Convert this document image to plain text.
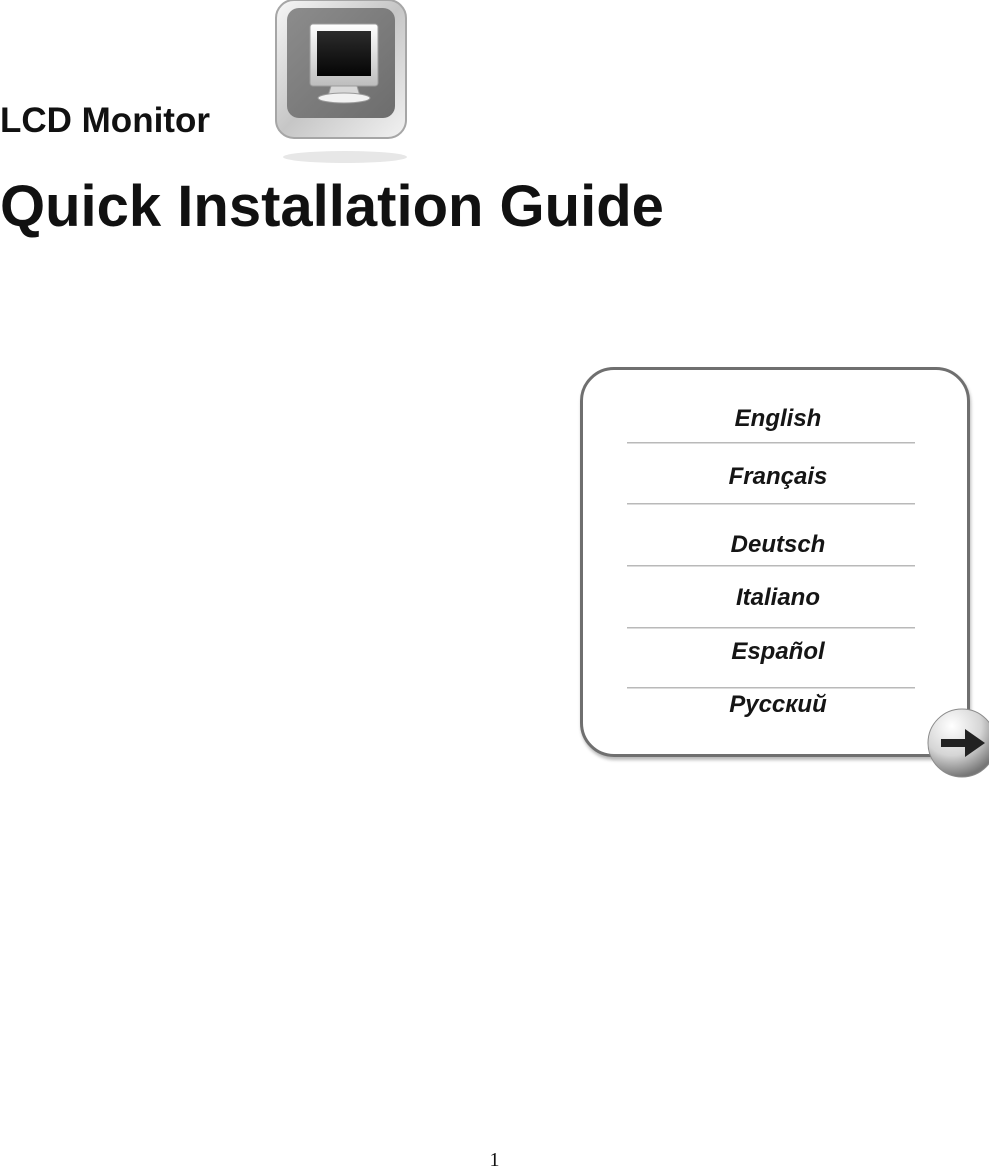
LCD Monitor
Quick Installation Guide
English
Français
Deutsch
Italiano
Español
Русский
1
